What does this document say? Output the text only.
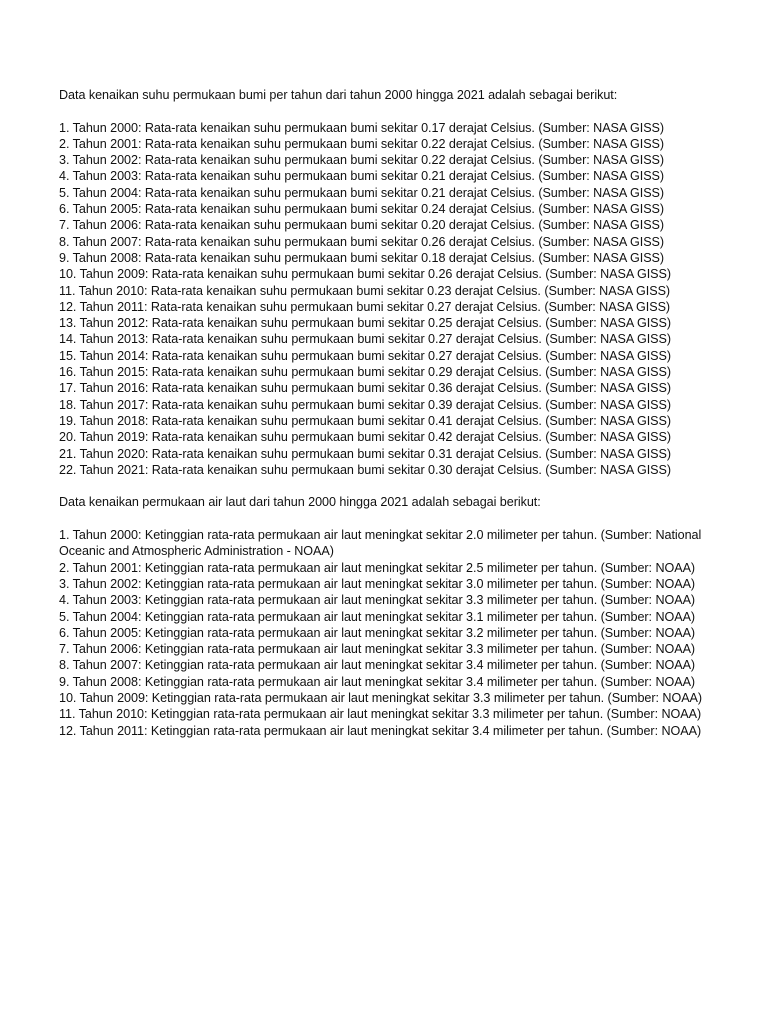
Data kenaikan suhu permukaan bumi per tahun dari tahun 2000 hingga 2021 adalah sebagai berikut:

1. Tahun 2000: Rata-rata kenaikan suhu permukaan bumi sekitar 0.17 derajat Celsius. (Sumber: NASA GISS)
2. Tahun 2001: Rata-rata kenaikan suhu permukaan bumi sekitar 0.22 derajat Celsius. (Sumber: NASA GISS)
3. Tahun 2002: Rata-rata kenaikan suhu permukaan bumi sekitar 0.22 derajat Celsius. (Sumber: NASA GISS)
4. Tahun 2003: Rata-rata kenaikan suhu permukaan bumi sekitar 0.21 derajat Celsius. (Sumber: NASA GISS)
5. Tahun 2004: Rata-rata kenaikan suhu permukaan bumi sekitar 0.21 derajat Celsius. (Sumber: NASA GISS)
6. Tahun 2005: Rata-rata kenaikan suhu permukaan bumi sekitar 0.24 derajat Celsius. (Sumber: NASA GISS)
7. Tahun 2006: Rata-rata kenaikan suhu permukaan bumi sekitar 0.20 derajat Celsius. (Sumber: NASA GISS)
8. Tahun 2007: Rata-rata kenaikan suhu permukaan bumi sekitar 0.26 derajat Celsius. (Sumber: NASA GISS)
9. Tahun 2008: Rata-rata kenaikan suhu permukaan bumi sekitar 0.18 derajat Celsius. (Sumber: NASA GISS)
10. Tahun 2009: Rata-rata kenaikan suhu permukaan bumi sekitar 0.26 derajat Celsius. (Sumber: NASA GISS)
11. Tahun 2010: Rata-rata kenaikan suhu permukaan bumi sekitar 0.23 derajat Celsius. (Sumber: NASA GISS)
12. Tahun 2011: Rata-rata kenaikan suhu permukaan bumi sekitar 0.27 derajat Celsius. (Sumber: NASA GISS)
13. Tahun 2012: Rata-rata kenaikan suhu permukaan bumi sekitar 0.25 derajat Celsius. (Sumber: NASA GISS)
14. Tahun 2013: Rata-rata kenaikan suhu permukaan bumi sekitar 0.27 derajat Celsius. (Sumber: NASA GISS)
15. Tahun 2014: Rata-rata kenaikan suhu permukaan bumi sekitar 0.27 derajat Celsius. (Sumber: NASA GISS)
16. Tahun 2015: Rata-rata kenaikan suhu permukaan bumi sekitar 0.29 derajat Celsius. (Sumber: NASA GISS)
17. Tahun 2016: Rata-rata kenaikan suhu permukaan bumi sekitar 0.36 derajat Celsius. (Sumber: NASA GISS)
18. Tahun 2017: Rata-rata kenaikan suhu permukaan bumi sekitar 0.39 derajat Celsius. (Sumber: NASA GISS)
19. Tahun 2018: Rata-rata kenaikan suhu permukaan bumi sekitar 0.41 derajat Celsius. (Sumber: NASA GISS)
20. Tahun 2019: Rata-rata kenaikan suhu permukaan bumi sekitar 0.42 derajat Celsius. (Sumber: NASA GISS)
21. Tahun 2020: Rata-rata kenaikan suhu permukaan bumi sekitar 0.31 derajat Celsius. (Sumber: NASA GISS)
22. Tahun 2021: Rata-rata kenaikan suhu permukaan bumi sekitar 0.30 derajat Celsius. (Sumber: NASA GISS)

Data kenaikan permukaan air laut dari tahun 2000 hingga 2021 adalah sebagai berikut:

1. Tahun 2000: Ketinggian rata-rata permukaan air laut meningkat sekitar 2.0 milimeter per tahun. (Sumber: National Oceanic and Atmospheric Administration - NOAA)
2. Tahun 2001: Ketinggian rata-rata permukaan air laut meningkat sekitar 2.5 milimeter per tahun. (Sumber: NOAA)
3. Tahun 2002: Ketinggian rata-rata permukaan air laut meningkat sekitar 3.0 milimeter per tahun. (Sumber: NOAA)
4. Tahun 2003: Ketinggian rata-rata permukaan air laut meningkat sekitar 3.3 milimeter per tahun. (Sumber: NOAA)
5. Tahun 2004: Ketinggian rata-rata permukaan air laut meningkat sekitar 3.1 milimeter per tahun. (Sumber: NOAA)
6. Tahun 2005: Ketinggian rata-rata permukaan air laut meningkat sekitar 3.2 milimeter per tahun. (Sumber: NOAA)
7. Tahun 2006: Ketinggian rata-rata permukaan air laut meningkat sekitar 3.3 milimeter per tahun. (Sumber: NOAA)
8. Tahun 2007: Ketinggian rata-rata permukaan air laut meningkat sekitar 3.4 milimeter per tahun. (Sumber: NOAA)
9. Tahun 2008: Ketinggian rata-rata permukaan air laut meningkat sekitar 3.4 milimeter per tahun. (Sumber: NOAA)
10. Tahun 2009: Ketinggian rata-rata permukaan air laut meningkat sekitar 3.3 milimeter per tahun. (Sumber: NOAA)
11. Tahun 2010: Ketinggian rata-rata permukaan air laut meningkat sekitar 3.3 milimeter per tahun. (Sumber: NOAA)
12. Tahun 2011: Ketinggian rata-rata permukaan air laut meningkat sekitar 3.4 milimeter per tahun. (Sumber: NOAA)
